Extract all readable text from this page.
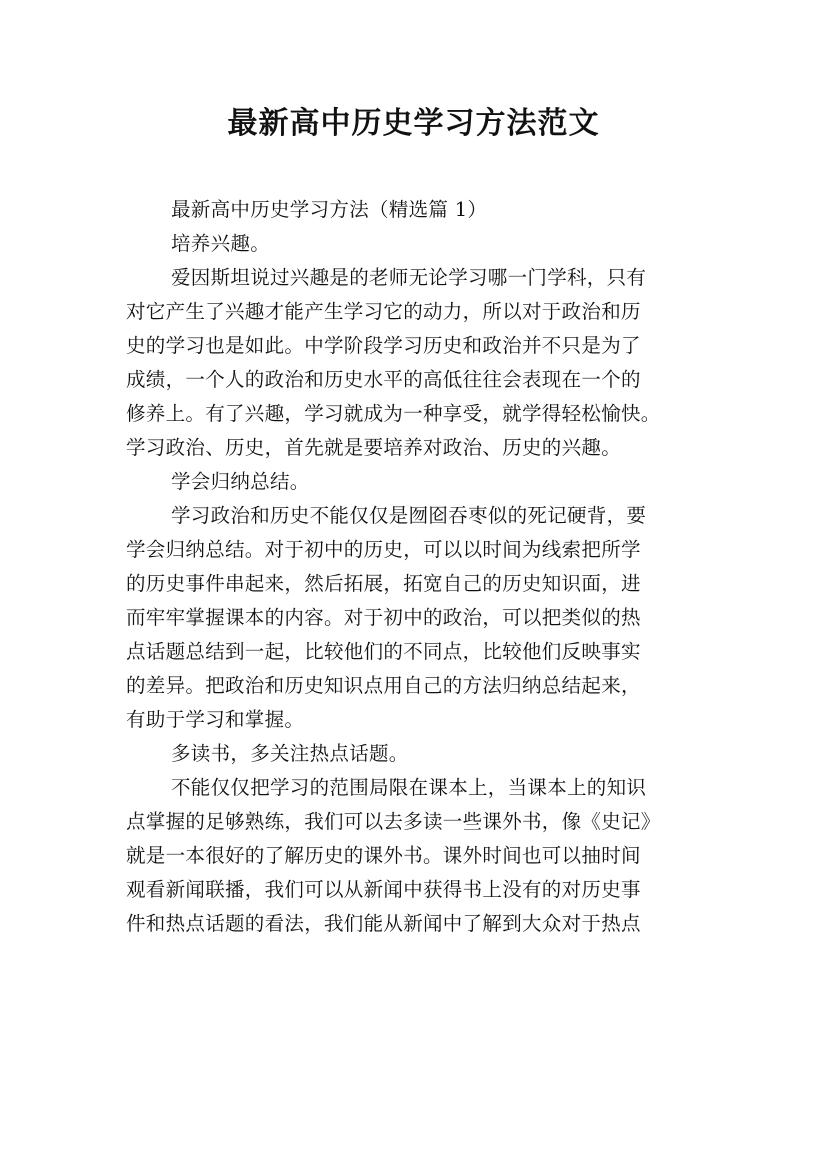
最新高中历史学习方法范文
最新高中历史学习方法（精选篇 1）
培养兴趣。
爱因斯坦说过兴趣是的老师无论学习哪一门学科，只有
对它产生了兴趣才能产生学习它的动力，所以对于政治和历
史的学习也是如此。中学阶段学习历史和政治并不只是为了
成绩，一个人的政治和历史水平的高低往往会表现在一个的
修养上。有了兴趣，学习就成为一种享受，就学得轻松愉快。
学习政治、历史，首先就是要培养对政治、历史的兴趣。
学会归纳总结。
学习政治和历史不能仅仅是囫囵吞枣似的死记硬背，要
学会归纳总结。对于初中的历史，可以以时间为线索把所学
的历史事件串起来，然后拓展，拓宽自己的历史知识面，进
而牢牢掌握课本的内容。对于初中的政治，可以把类似的热
点话题总结到一起，比较他们的不同点，比较他们反映事实
的差异。把政治和历史知识点用自己的方法归纳总结起来，
有助于学习和掌握。
多读书，多关注热点话题。
不能仅仅把学习的范围局限在课本上，当课本上的知识
点掌握的足够熟练，我们可以去多读一些课外书，像《史记》
就是一本很好的了解历史的课外书。课外时间也可以抽时间
观看新闻联播，我们可以从新闻中获得书上没有的对历史事
件和热点话题的看法，我们能从新闻中了解到大众对于热点
